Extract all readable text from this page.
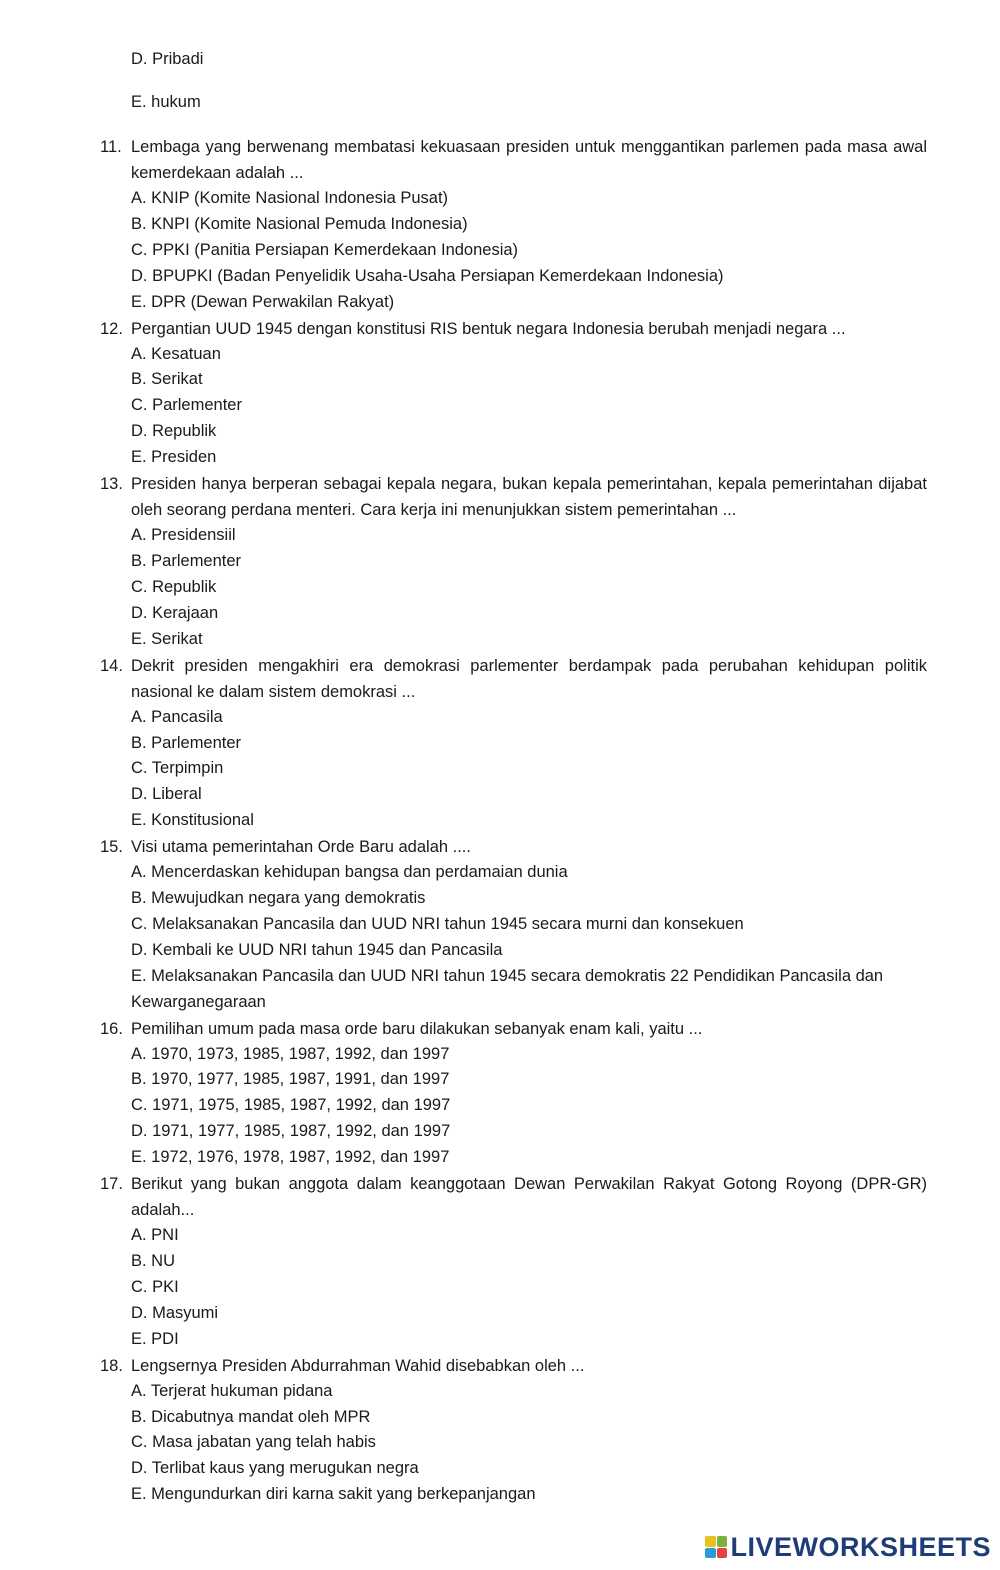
D. Pribadi

E. hukum

11. Lembaga yang berwenang membatasi kekuasaan presiden untuk menggantikan parlemen pada masa awal kemerdekaan adalah ...

A. KNIP (Komite Nasional Indonesia Pusat)

B. KNPI (Komite Nasional Pemuda Indonesia)

C. PPKI (Panitia Persiapan Kemerdekaan Indonesia)

D. BPUPKI (Badan Penyelidik Usaha-Usaha Persiapan Kemerdekaan Indonesia)

E. DPR (Dewan Perwakilan Rakyat)

12. Pergantian UUD 1945 dengan konstitusi RIS bentuk negara Indonesia berubah menjadi negara ...

A. Kesatuan

B. Serikat

C. Parlementer

D. Republik

E. Presiden

13. Presiden hanya berperan sebagai kepala negara, bukan kepala pemerintahan, kepala pemerintahan dijabat oleh seorang perdana menteri. Cara kerja ini menunjukkan sistem pemerintahan ...

A. Presidensiil

B. Parlementer

C. Republik

D. Kerajaan

E. Serikat

14. Dekrit presiden mengakhiri era demokrasi parlementer berdampak pada perubahan kehidupan politik nasional ke dalam sistem demokrasi ...

A. Pancasila

B. Parlementer

C. Terpimpin

D. Liberal

E. Konstitusional

15. Visi utama pemerintahan Orde Baru adalah ....

A. Mencerdaskan kehidupan bangsa dan perdamaian dunia

B. Mewujudkan negara yang demokratis

C. Melaksanakan Pancasila dan UUD NRI tahun 1945 secara murni dan konsekuen

D. Kembali ke UUD NRI tahun 1945 dan Pancasila

E. Melaksanakan Pancasila dan UUD NRI tahun 1945 secara demokratis 22 Pendidikan Pancasila dan Kewarganegaraan

16. Pemilihan umum pada masa orde baru dilakukan sebanyak enam kali, yaitu ...

A. 1970, 1973, 1985, 1987, 1992, dan 1997

B. 1970, 1977, 1985, 1987, 1991, dan 1997

C. 1971, 1975, 1985, 1987, 1992, dan 1997

D. 1971, 1977, 1985, 1987, 1992, dan 1997

E. 1972, 1976, 1978, 1987, 1992, dan 1997

17. Berikut yang bukan anggota dalam keanggotaan Dewan Perwakilan Rakyat Gotong Royong (DPR-GR) adalah...

A. PNI

B. NU

C. PKI

D. Masyumi

E. PDI

18. Lengsernya Presiden Abdurrahman Wahid disebabkan oleh ...

A. Terjerat hukuman pidana

B. Dicabutnya mandat oleh MPR

C. Masa jabatan yang telah habis

D. Terlibat kaus yang merugukan negra

E. Mengundurkan diri karna sakit yang berkepanjangan

LIVEWORKSHEETS
